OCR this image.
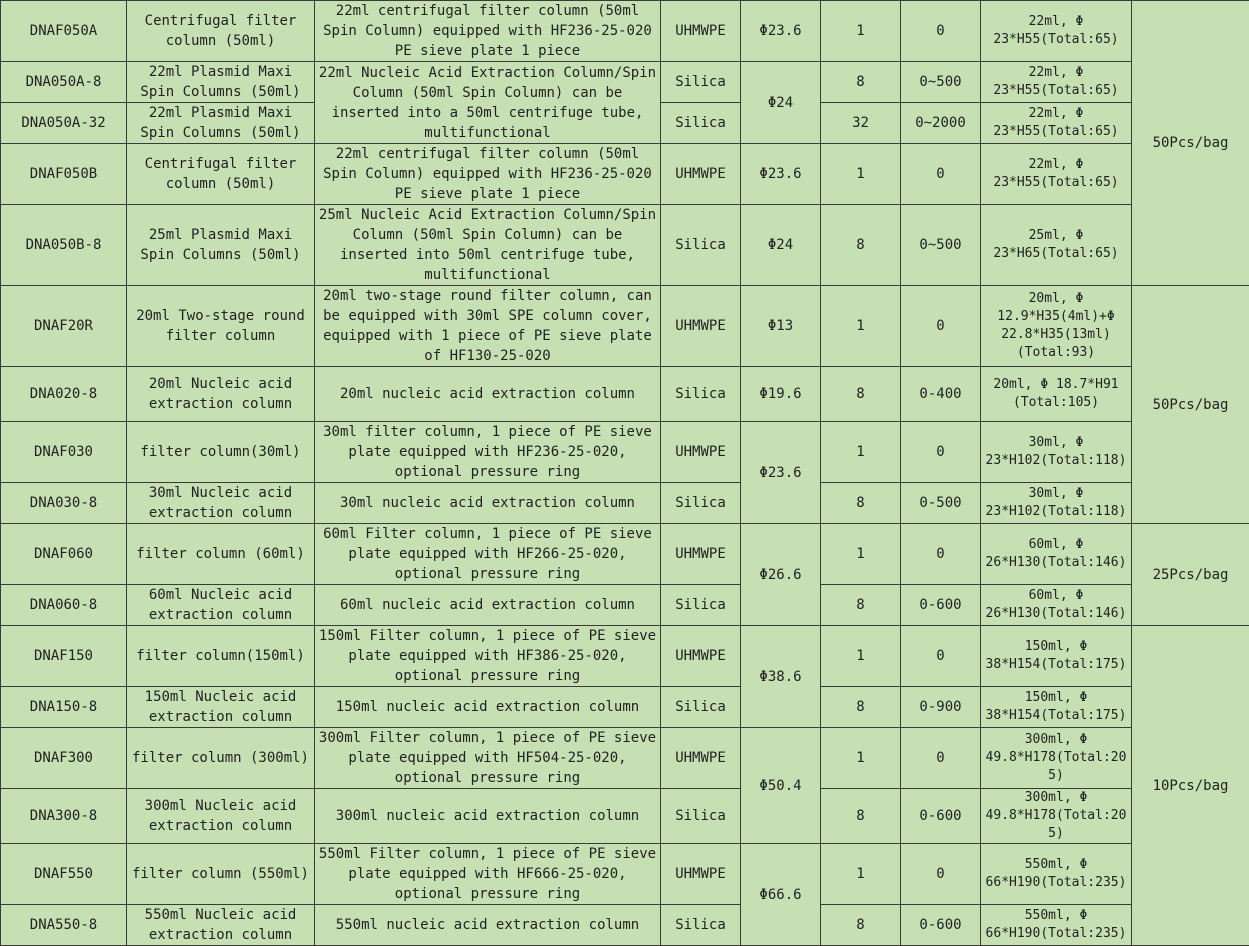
DNAF050A	Centrifugal filter column (50ml)	22ml centrifugal filter column (50ml Spin Column) equipped with HF236-25-020 PE sieve plate 1 piece	UHMWPE	Φ23.6	1	0	22ml, Φ 23*H55(Total:65)	50Pcs/bag
DNA050A-8	22ml Plasmid Maxi Spin Columns (50ml)	22ml Nucleic Acid Extraction Column/Spin Column (50ml Spin Column) can be inserted into a 50ml centrifuge tube, multifunctional	Silica	Φ24	8	0~500	22ml, Φ 23*H55(Total:65)	
DNA050A-32	22ml Plasmid Maxi Spin Columns (50ml)		Silica		32	0~2000	22ml, Φ 23*H55(Total:65)	
DNAF050B	Centrifugal filter column (50ml)	22ml centrifugal filter column (50ml Spin Column) equipped with HF236-25-020 PE sieve plate 1 piece	UHMWPE	Φ23.6	1	0	22ml, Φ 23*H55(Total:65)	
DNA050B-8	25ml Plasmid Maxi Spin Columns (50ml)	25ml Nucleic Acid Extraction Column/Spin Column (50ml Spin Column) can be inserted into 50ml centrifuge tube, multifunctional	Silica	Φ24	8	0~500	25ml, Φ 23*H65(Total:65)	
DNAF20R	20ml Two-stage round filter column	20ml two-stage round filter column, can be equipped with 30ml SPE column cover, equipped with 1 piece of PE sieve plate of HF130-25-020	UHMWPE	Φ13	1	0	20ml, Φ 12.9*H35(4ml)+Φ 22.8*H35(13ml)(Total:93)	50Pcs/bag
DNA020-8	20ml Nucleic acid extraction column	20ml nucleic acid extraction column	Silica	Φ19.6	8	0-400	20ml, Φ 18.7*H91 (Total:105)	
DNAF030	filter column(30ml)	30ml filter column, 1 piece of PE sieve plate equipped with HF236-25-020, optional pressure ring	UHMWPE	Φ23.6	1	0	30ml, Φ 23*H102(Total:118)	
DNA030-8	30ml Nucleic acid extraction column	30ml nucleic acid extraction column	Silica		8	0-500	30ml, Φ 23*H102(Total:118)	
DNAF060	filter column (60ml)	60ml Filter column, 1 piece of PE sieve plate equipped with HF266-25-020, optional pressure ring	UHMWPE	Φ26.6	1	0	60ml, Φ 26*H130(Total:146)	25Pcs/bag
DNA060-8	60ml Nucleic acid extraction column	60ml nucleic acid extraction column	Silica		8	0-600	60ml, Φ 26*H130(Total:146)	
DNAF150	filter column(150ml)	150ml Filter column, 1 piece of PE sieve plate equipped with HF386-25-020, optional pressure ring	UHMWPE	Φ38.6	1	0	150ml, Φ 38*H154(Total:175)	10Pcs/bag
DNA150-8	150ml Nucleic acid extraction column	150ml nucleic acid extraction column	Silica		8	0-900	150ml, Φ 38*H154(Total:175)	
DNAF300	filter column (300ml)	300ml Filter column, 1 piece of PE sieve plate equipped with HF504-25-020, optional pressure ring	UHMWPE	Φ50.4	1	0	300ml, Φ 49.8*H178(Total:205)	
DNA300-8	300ml Nucleic acid extraction column	300ml nucleic acid extraction column	Silica		8	0-600	300ml, Φ 49.8*H178(Total:205)	
DNAF550	filter column (550ml)	550ml Filter column, 1 piece of PE sieve plate equipped with HF666-25-020, optional pressure ring	UHMWPE	Φ66.6	1	0	550ml, Φ 66*H190(Total:235)	
DNA550-8	550ml Nucleic acid extraction column	550ml nucleic acid extraction column	Silica		8	0-600	550ml, Φ 66*H190(Total:235)	
